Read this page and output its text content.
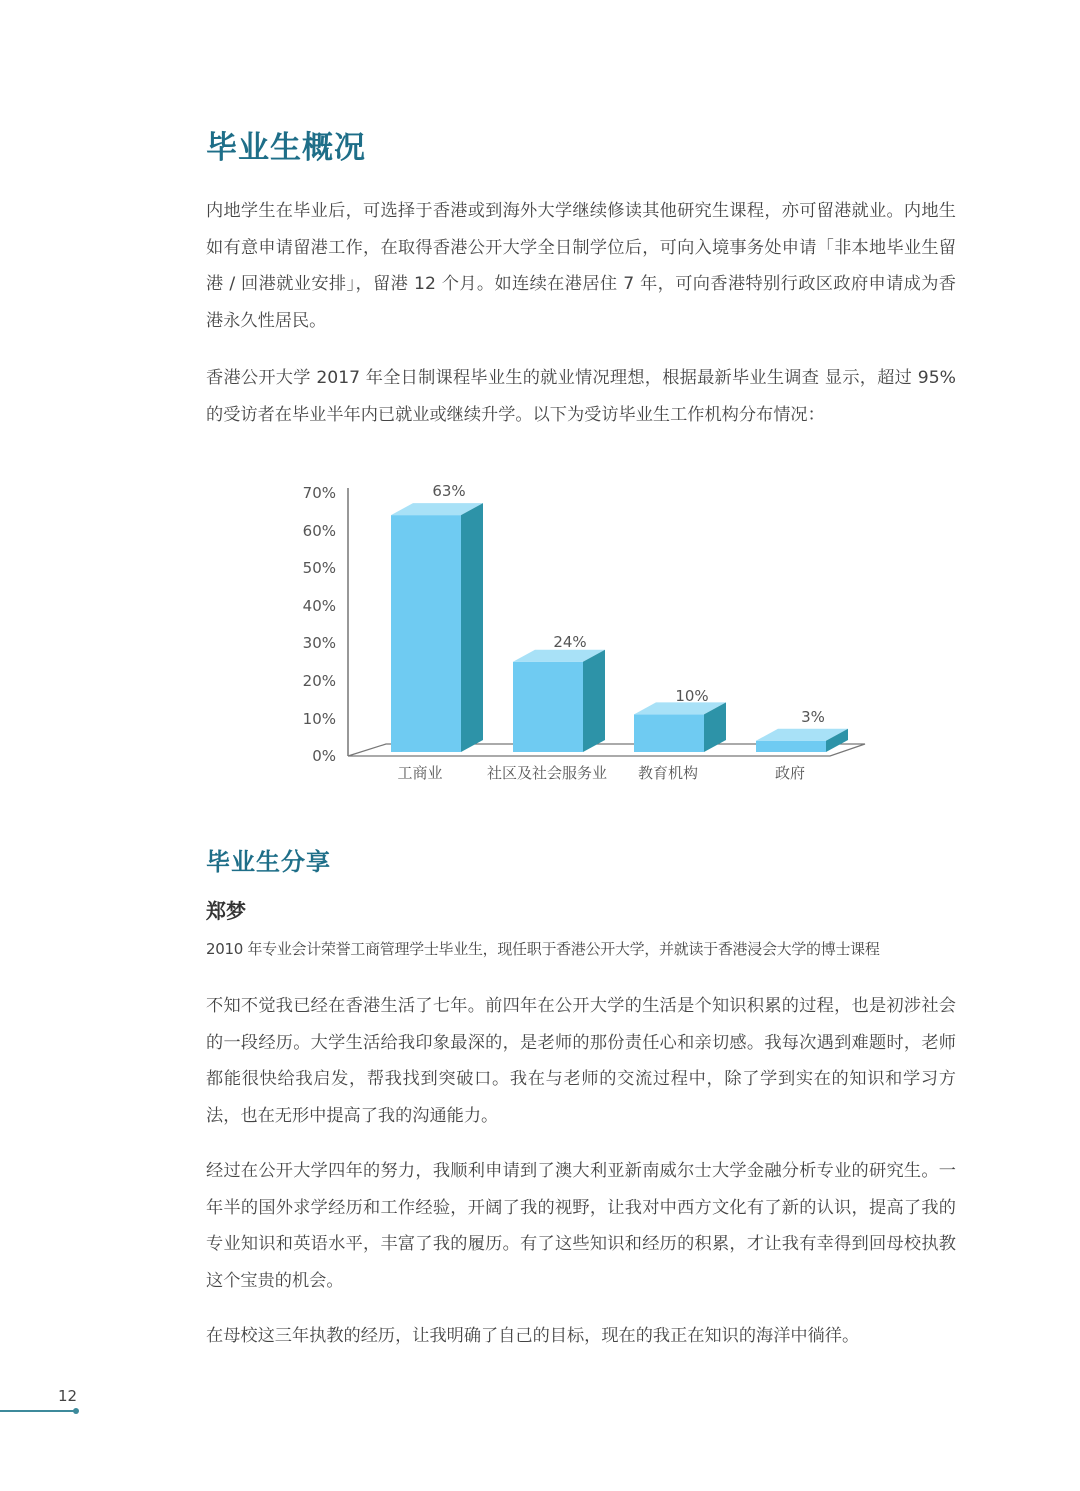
毕业生概况
内地学生在毕业后，可选择于香港或到海外大学继续修读其他研究生课程，亦可留港就业。内地生如有意申请留港工作，在取得香港公开大学全日制学位后，可向入境事务处申请「非本地毕业生留港 / 回港就业安排」，留港 12 个月。如连续在港居住 7 年，可向香港特别行政区政府申请成为香港永久性居民。
香港公开大学 2017 年全日制课程毕业生的就业情况理想，根据最新毕业生调查 显示，超过 95% 的受访者在毕业半年内已就业或继续升学。以下为受访毕业生工作机构分布情况：
70%
60%
50%
40%
30%
20%
10%
0%
63%
24%
10%
3%
工商业	社区及社会服务业	教育机构	政府
毕业生分享
郑梦
2010 年专业会计荣誉工商管理学士毕业生，现任职于香港公开大学，并就读于香港浸会大学的博士课程
不知不觉我已经在香港生活了七年。前四年在公开大学的生活是个知识积累的过程，也是初涉社会的一段经历。大学生活给我印象最深的，是老师的那份责任心和亲切感。我每次遇到难题时，老师都能很快给我启发，帮我找到突破口。我在与老师的交流过程中，除了学到实在的知识和学习方法，也在无形中提高了我的沟通能力。
经过在公开大学四年的努力，我顺利申请到了澳大利亚新南威尔士大学金融分析专业的研究生。一年半的国外求学经历和工作经验，开阔了我的视野，让我对中西方文化有了新的认识，提高了我的专业知识和英语水平，丰富了我的履历。有了这些知识和经历的积累，才让我有幸得到回母校执教这个宝贵的机会。
在母校这三年执教的经历，让我明确了自己的目标，现在的我正在知识的海洋中徜徉。
12
